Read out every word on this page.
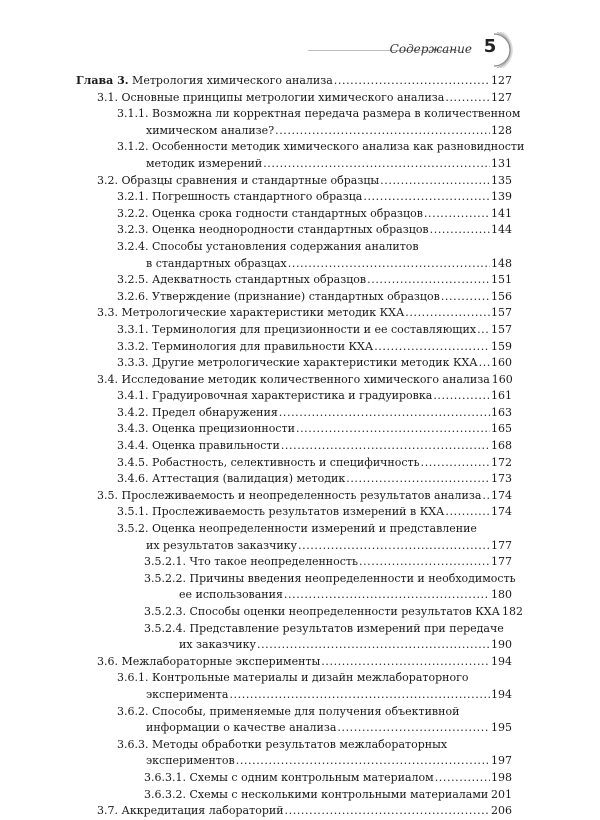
Содержание 5
Глава 3. Метрология химического анализа .....	127
3.1. Основные принципы метрологии химического анализа .....	127
3.1.1. Возможна ли корректная передача размера в количественном
химическом анализе? .....	128
3.1.2. Особенности методик химического анализа как разновидности
методик измерений .....	131
3.2. Образцы сравнения и стандартные образцы .....	135
3.2.1. Погрешность стандартного образца .....	139
3.2.2. Оценка срока годности стандартных образцов .....	141
3.2.3. Оценка неоднородности стандартных образцов .....	144
3.2.4. Способы установления содержания аналитов
в стандартных образцах .....	148
3.2.5. Адекватность стандартных образцов .....	151
3.2.6. Утверждение (признание) стандартных образцов .....	156
3.3. Метрологические характеристики методик КХА .....	157
3.3.1. Терминология для прецизионности и ее составляющих ..... 157
3.3.2. Терминология для правильности КХА .....	159
3.3.3. Другие метрологические характеристики методик КХА ..... 160
3.4. Исследование методик количественного химического анализа 160
3.4.1. Градуировочная характеристика и градуировка .....	161
3.4.2. Предел обнаружения .....	163
3.4.3. Оценка прецизионности .....	165
3.4.4. Оценка правильности .....	168
3.4.5. Робастность, селективность и специфичность .....	172
3.4.6. Аттестация (валидация) методик .....	173
3.5. Прослеживаемость и неопределенность результатов анализа ..... 174
3.5.1. Прослеживаемость результатов измерений в КХА .....	174
3.5.2. Оценка неопределенности измерений и представление
их результатов заказчику .....	177
3.5.2.1. Что такое неопределенность .....	177
3.5.2.2. Причины введения неопределенности и необходимость
ее использования .....	180
3.5.2.3. Способы оценки неопределенности результатов КХА 182
3.5.2.4. Представление результатов измерений при передаче
их заказчику .....	190
3.6. Межлабораторные эксперименты .....	194
3.6.1. Контрольные материалы и дизайн межлабораторного
эксперимента .....	194
3.6.2. Способы, применяемые для получения объективной
информации о качестве анализа .....	195
3.6.3. Методы обработки результатов межлабораторных
экспериментов .....	197
3.6.3.1. Схемы с одним контрольным материалом .....	198
3.6.3.2. Схемы с несколькими контрольными материалами ..... 201
3.7. Аккредитация лабораторий .....	206
